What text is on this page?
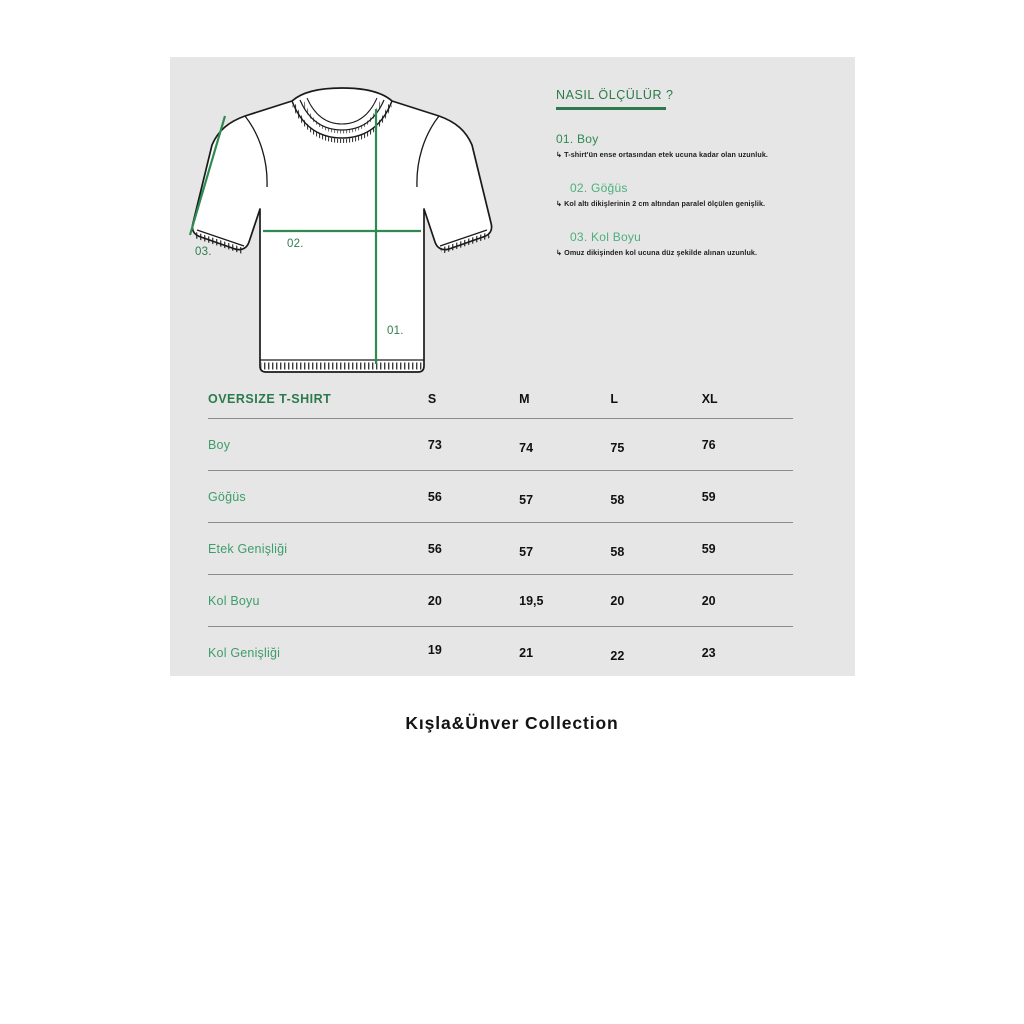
01.
02.
03.
NASIL ÖLÇÜLÜR ?
01. Boy
↳ T-shirt'ün ense ortasından etek ucuna kadar olan uzunluk.
02. Göğüs
↳ Kol altı dikişlerinin 2 cm altından paralel ölçülen genişlik.
03. Kol Boyu
↳ Omuz dikişinden kol ucuna düz şekilde alınan uzunluk.
OVERSIZE T-SHIRT	S	M	L	XL
Boy	73	74	75	76
Göğüs	56	57	58	59
Etek Genişliği	56	57	58	59
Kol Boyu	20	19,5	20	20
Kol Genişliği	19	21	22	23
Kışla&Ünver Collection
